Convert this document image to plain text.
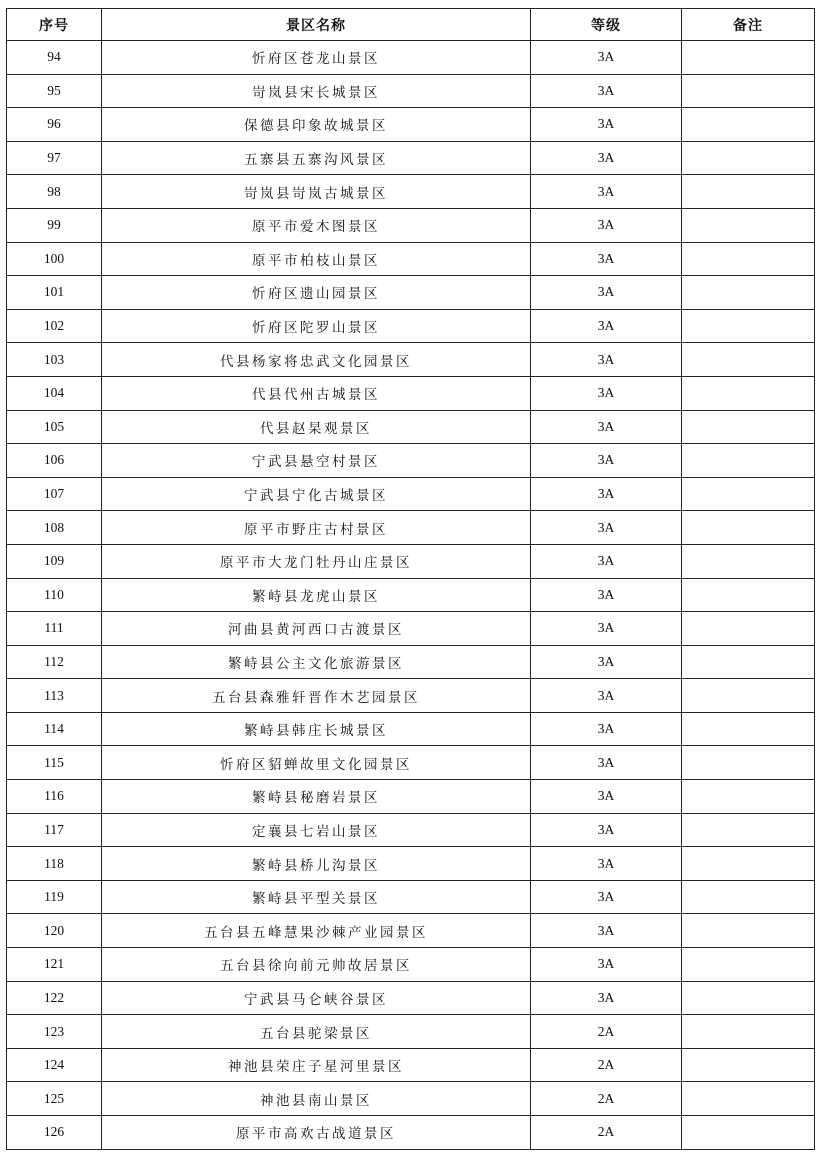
序号	景区名称	等级	备注
94	忻府区苍龙山景区	3A	
95	岢岚县宋长城景区	3A	
96	保德县印象故城景区	3A	
97	五寨县五寨沟风景区	3A	
98	岢岚县岢岚古城景区	3A	
99	原平市爱木图景区	3A	
100	原平市柏枝山景区	3A	
101	忻府区遗山园景区	3A	
102	忻府区陀罗山景区	3A	
103	代县杨家将忠武文化园景区	3A	
104	代县代州古城景区	3A	
105	代县赵杲观景区	3A	
106	宁武县悬空村景区	3A	
107	宁武县宁化古城景区	3A	
108	原平市野庄古村景区	3A	
109	原平市大龙门牡丹山庄景区	3A	
110	繁峙县龙虎山景区	3A	
111	河曲县黄河西口古渡景区	3A	
112	繁峙县公主文化旅游景区	3A	
113	五台县森雅轩晋作木艺园景区	3A	
114	繁峙县韩庄长城景区	3A	
115	忻府区貂蝉故里文化园景区	3A	
116	繁峙县秘磨岩景区	3A	
117	定襄县七岩山景区	3A	
118	繁峙县桥儿沟景区	3A	
119	繁峙县平型关景区	3A	
120	五台县五峰慧果沙棘产业园景区	3A	
121	五台县徐向前元帅故居景区	3A	
122	宁武县马仑峡谷景区	3A	
123	五台县驼梁景区	2A	
124	神池县荣庄子星河里景区	2A	
125	神池县南山景区	2A	
126	原平市高欢古战道景区	2A	
